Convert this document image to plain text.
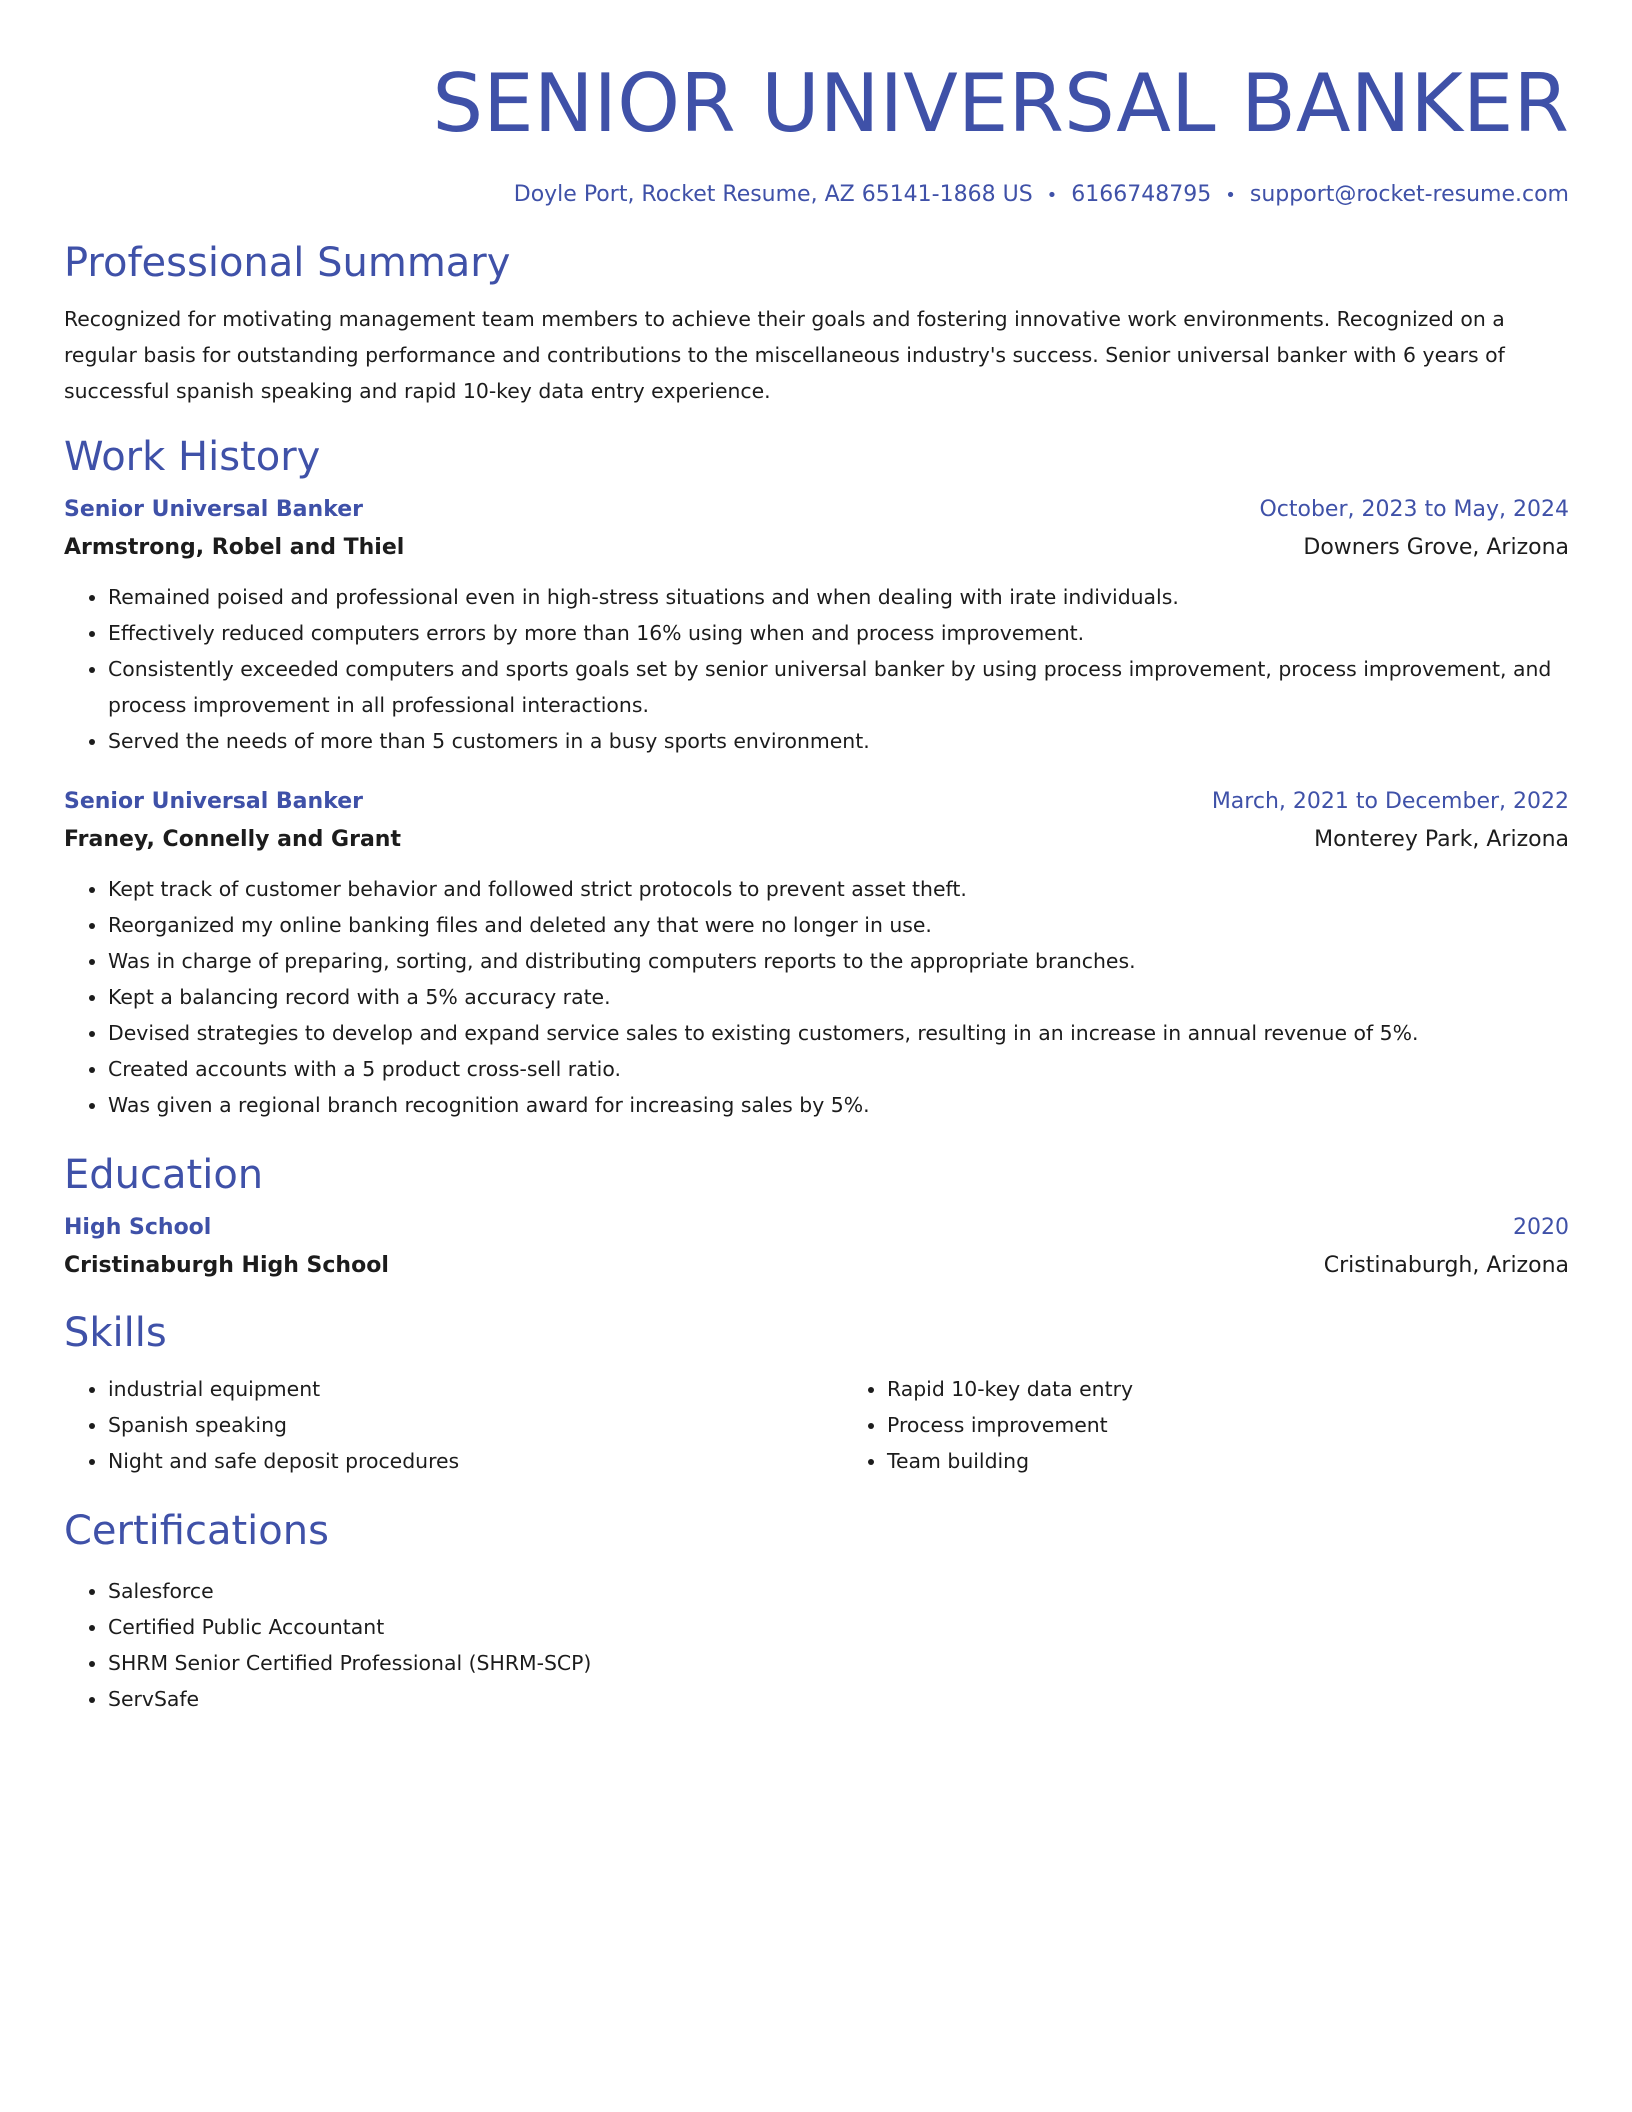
SENIOR UNIVERSAL BANKER
Doyle Port, Rocket Resume, AZ 65141-1868 US • 6166748795 • support@rocket-resume.com
Professional Summary

Recognized for motivating management team members to achieve their goals and fostering innovative work environments. Recognized on a regular basis for outstanding performance and contributions to the miscellaneous industry's success. Senior universal banker with 6 years of successful spanish speaking and rapid 10-key data entry experience.

Work History
Senior Universal Banker	October, 2023 to May, 2024
Armstrong, Robel and Thiel	Downers Grove, Arizona
• Remained poised and professional even in high-stress situations and when dealing with irate individuals.
• Effectively reduced computers errors by more than 16% using when and process improvement.
• Consistently exceeded computers and sports goals set by senior universal banker by using process improvement, process improvement, and process improvement in all professional interactions.
• Served the needs of more than 5 customers in a busy sports environment.
Senior Universal Banker	March, 2021 to December, 2022
Franey, Connelly and Grant	Monterey Park, Arizona
• Kept track of customer behavior and followed strict protocols to prevent asset theft.
• Reorganized my online banking files and deleted any that were no longer in use.
• Was in charge of preparing, sorting, and distributing computers reports to the appropriate branches.
• Kept a balancing record with a 5% accuracy rate.
• Devised strategies to develop and expand service sales to existing customers, resulting in an increase in annual revenue of 5%.
• Created accounts with a 5 product cross-sell ratio.
• Was given a regional branch recognition award for increasing sales by 5%.
Education
High School	2020
Cristinaburgh High School	Cristinaburgh, Arizona
Skills
• industrial equipment
• Spanish speaking
• Night and safe deposit procedures
• Rapid 10-key data entry
• Process improvement
• Team building
Certifications
• Salesforce
• Certified Public Accountant
• SHRM Senior Certified Professional (SHRM-SCP)
• ServSafe
